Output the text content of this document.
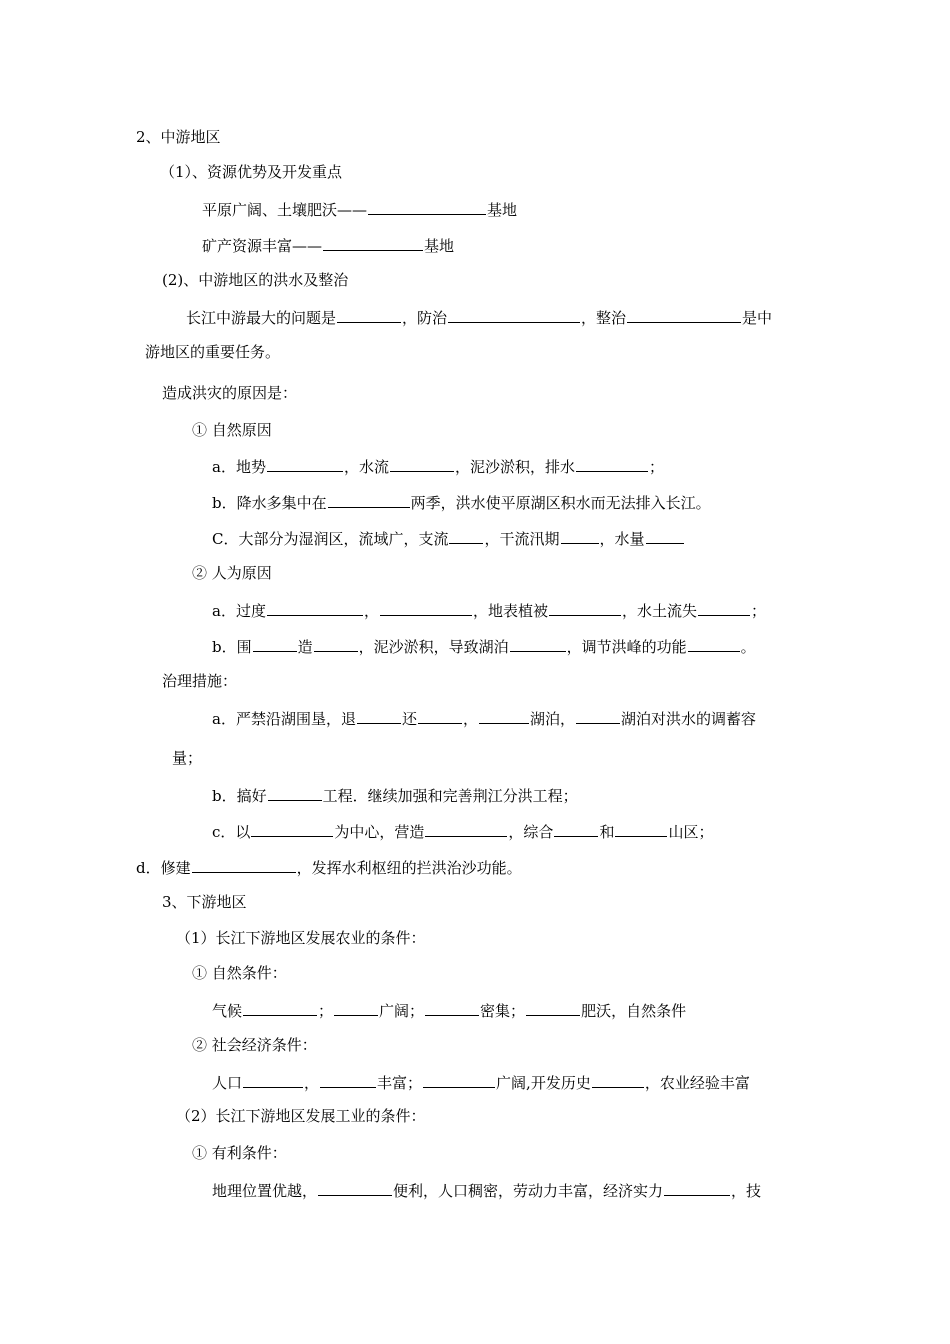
2、中游地区
（1）、资源优势及开发重点
平原广阔、土壤肥沃——	基地
矿产资源丰富——	基地
(2)、中游地区的洪水及整治
长江中游最大的问题是	，防治	，整治	是中
游地区的重要任务。
造成洪灾的原因是：
① 自然原因
a．地势	，水流	，泥沙淤积，排水	；
b．降水多集中在	两季，洪水使平原湖区积水而无法排入长江。
C．大部分为湿润区，流域广，支流 ，干流汛期	，水量
② 人为原因
a．过度	，	，地表植被	，水土流失	；
b．围	造	，泥沙淤积，导致湖泊	，调节洪峰的功能	。
治理措施：
a．严禁沿湖围垦，退	还	，	湖泊，	湖泊对洪水的调蓄容
量；
b．搞好	工程．继续加强和完善荆江分洪工程；
c．以	为中心，营造	，综合	和	山区；
d．修建	，发挥水利枢纽的拦洪治沙功能。
3、下游地区
（1）长江下游地区发展农业的条件：
① 自然条件：
气候	；	广阔；	密集；	肥沃，自然条件
② 社会经济条件：
人口	，	丰富；	广阔,开发历史	，农业经验丰富
（2）长江下游地区发展工业的条件：
① 有利条件：
地理位置优越，	便利，人口稠密，劳动力丰富，经济实力	，技
